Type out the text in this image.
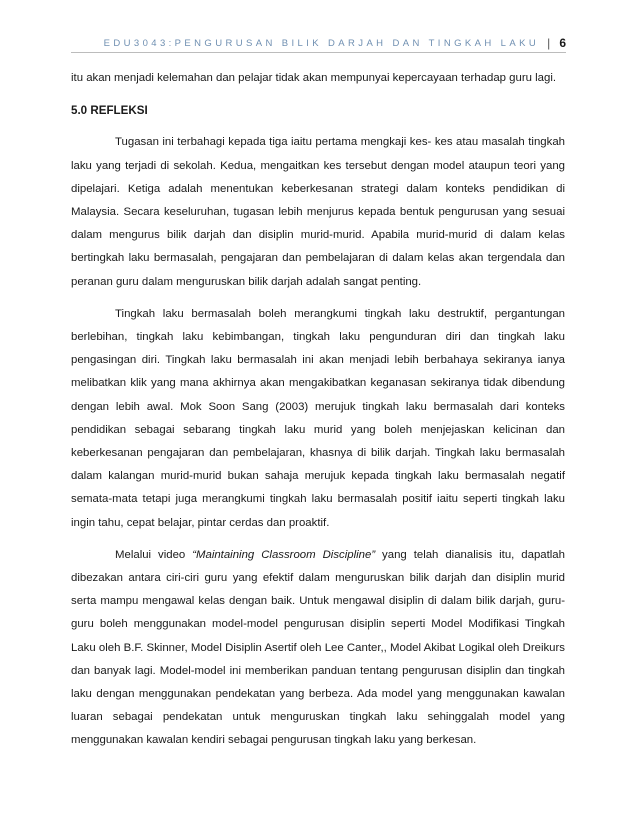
EDU3043:PENGURUSAN BILIK DARJAH DAN TINGKAH LAKU | 6

itu akan menjadi kelemahan dan pelajar tidak akan mempunyai kepercayaan terhadap guru lagi.

5.0 REFLEKSI

Tugasan ini terbahagi kepada tiga iaitu pertama mengkaji kes- kes atau masalah tingkah laku yang terjadi di sekolah. Kedua, mengaitkan kes tersebut dengan model ataupun teori yang dipelajari. Ketiga adalah menentukan keberkesanan strategi dalam konteks pendidikan di Malaysia. Secara keseluruhan, tugasan lebih menjurus kepada bentuk pengurusan yang sesuai dalam mengurus bilik darjah dan disiplin murid-murid. Apabila murid-murid di dalam kelas bertingkah laku bermasalah, pengajaran dan pembelajaran di dalam kelas akan tergendala dan peranan guru dalam menguruskan bilik darjah adalah sangat penting.

Tingkah laku bermasalah boleh merangkumi tingkah laku destruktif, pergantungan berlebihan, tingkah laku kebimbangan, tingkah laku pengunduran diri dan tingkah laku pengasingan diri. Tingkah laku bermasalah ini akan menjadi lebih berbahaya sekiranya ianya melibatkan klik yang mana akhirnya akan mengakibatkan keganasan sekiranya tidak dibendung dengan lebih awal. Mok Soon Sang (2003) merujuk tingkah laku bermasalah dari konteks pendidikan sebagai sebarang tingkah laku murid yang boleh menjejaskan kelicinan dan keberkesanan pengajaran dan pembelajaran, khasnya di bilik darjah. Tingkah laku bermasalah dalam kalangan murid-murid bukan sahaja merujuk kepada tingkah laku bermasalah negatif semata-mata tetapi juga merangkumi tingkah laku bermasalah positif iaitu seperti tingkah laku ingin tahu, cepat belajar, pintar cerdas dan proaktif.

Melalui video “Maintaining Classroom Discipline” yang telah dianalisis itu, dapatlah dibezakan antara ciri-ciri guru yang efektif dalam menguruskan bilik darjah dan disiplin murid serta mampu mengawal kelas dengan baik. Untuk mengawal disiplin di dalam bilik darjah, guru-guru boleh menggunakan model-model pengurusan disiplin seperti Model Modifikasi Tingkah Laku oleh B.F. Skinner, Model Disiplin Asertif oleh Lee Canter,, Model Akibat Logikal oleh Dreikurs dan banyak lagi. Model-model ini memberikan panduan tentang pengurusan disiplin dan tingkah laku dengan menggunakan pendekatan yang berbeza. Ada model yang menggunakan kawalan luaran sebagai pendekatan untuk menguruskan tingkah laku sehinggalah model yang menggunakan kawalan kendiri sebagai pengurusan tingkah laku yang berkesan.
